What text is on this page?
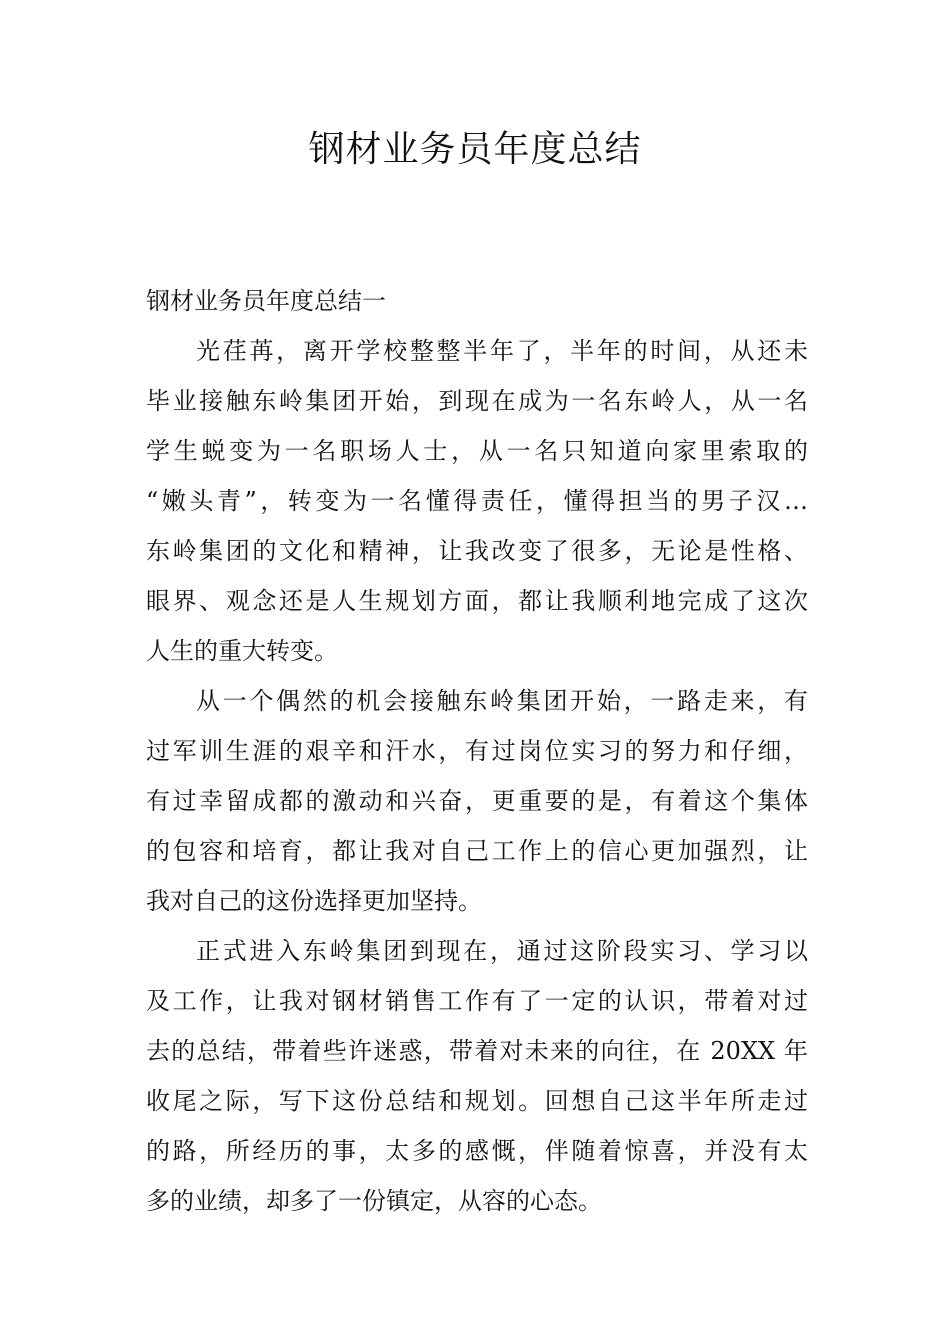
钢材业务员年度总结

钢材业务员年度总结一

光荏苒，离开学校整整半年了，半年的时间，从还未
毕业接触东岭集团开始，到现在成为一名东岭人，从一名
学生蜕变为一名职场人士，从一名只知道向家里索取的
“嫩头青”，转变为一名懂得责任，懂得担当的男子汉…
东岭集团的文化和精神，让我改变了很多，无论是性格、
眼界、观念还是人生规划方面，都让我顺利地完成了这次
人生的重大转变。
从一个偶然的机会接触东岭集团开始，一路走来，有
过军训生涯的艰辛和汗水，有过岗位实习的努力和仔细，
有过幸留成都的激动和兴奋，更重要的是，有着这个集体
的包容和培育，都让我对自己工作上的信心更加强烈，让
我对自己的这份选择更加坚持。
正式进入东岭集团到现在，通过这阶段实习、学习以
及工作，让我对钢材销售工作有了一定的认识，带着对过
去的总结，带着些许迷惑，带着对未来的向往，在 20XX 年
收尾之际，写下这份总结和规划。回想自己这半年所走过
的路，所经历的事，太多的感慨，伴随着惊喜，并没有太
多的业绩，却多了一份镇定，从容的心态。
